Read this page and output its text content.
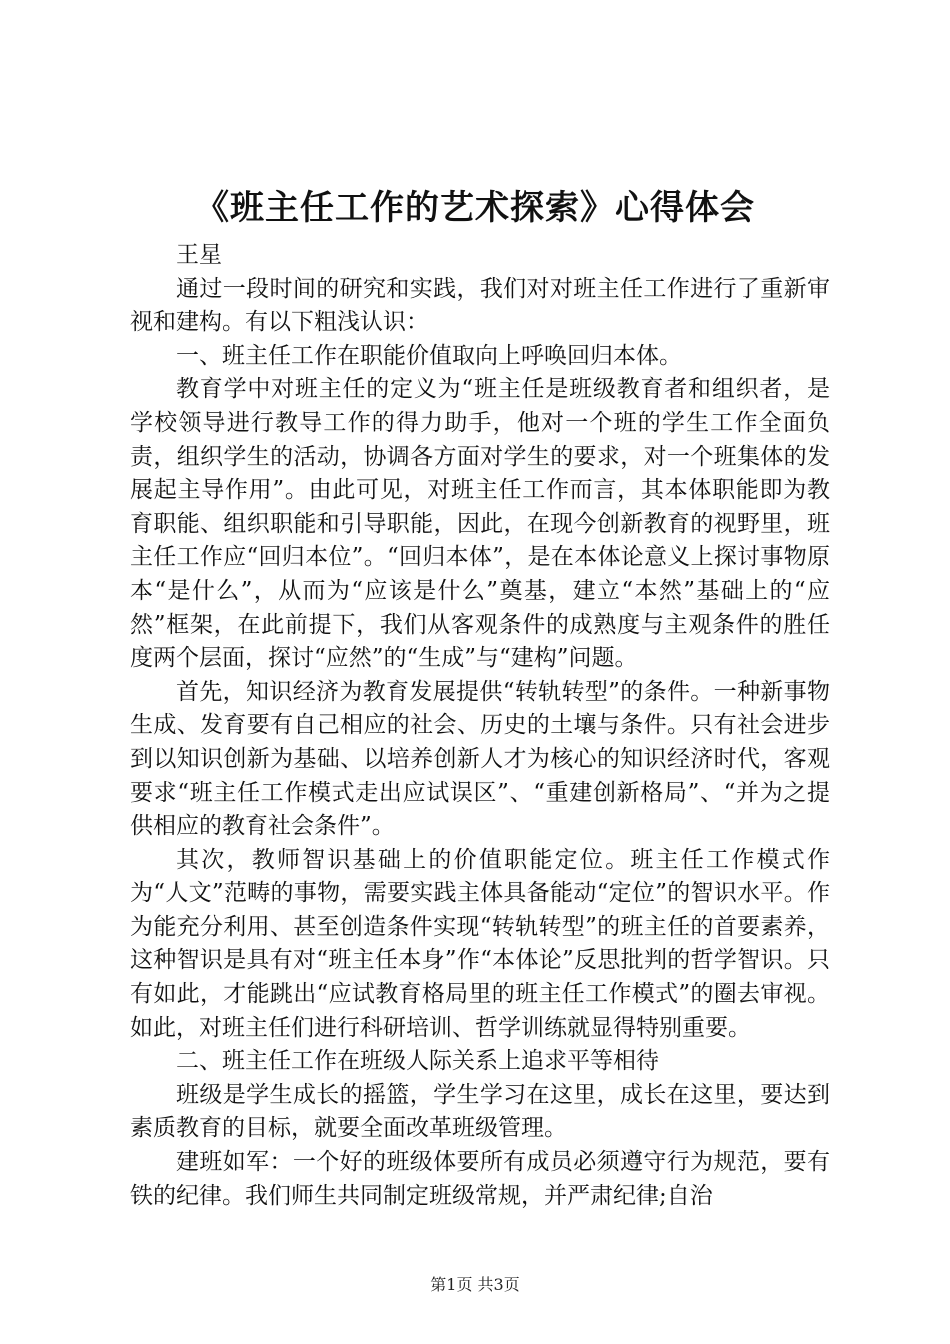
《班主任工作的艺术探索》心得体会

王星

通过一段时间的研究和实践，我们对对班主任工作进行了重新审视和建构。有以下粗浅认识：

一、班主任工作在职能价值取向上呼唤回归本体。

教育学中对班主任的定义为“班主任是班级教育者和组织者，是学校领导进行教导工作的得力助手，他对一个班的学生工作全面负责，组织学生的活动，协调各方面对学生的要求，对一个班集体的发展起主导作用”。由此可见，对班主任工作而言，其本体职能即为教育职能、组织职能和引导职能，因此，在现今创新教育的视野里，班主任工作应“回归本位”。“回归本体”，是在本体论意义上探讨事物原本“是什么”，从而为“应该是什么”奠基，建立“本然”基础上的“应然”框架，在此前提下，我们从客观条件的成熟度与主观条件的胜任度两个层面，探讨“应然”的“生成”与“建构”问题。

首先，知识经济为教育发展提供“转轨转型”的条件。一种新事物生成、发育要有自己相应的社会、历史的土壤与条件。只有社会进步到以知识创新为基础、以培养创新人才为核心的知识经济时代，客观要求“班主任工作模式走出应试误区”、“重建创新格局”、“并为之提供相应的教育社会条件”。

其次，教师智识基础上的价值职能定位。班主任工作模式作为“人文”范畴的事物，需要实践主体具备能动“定位”的智识水平。作为能充分利用、甚至创造条件实现“转轨转型”的班主任的首要素养，这种智识是具有对“班主任本身”作“本体论”反思批判的哲学智识。只有如此，才能跳出“应试教育格局里的班主任工作模式”的圈去审视。如此，对班主任们进行科研培训、哲学训练就显得特别重要。

二、班主任工作在班级人际关系上追求平等相待

班级是学生成长的摇篮，学生学习在这里，成长在这里，要达到素质教育的目标，就要全面改革班级管理。

建班如军：一个好的班级体要所有成员必须遵守行为规范，要有铁的纪律。我们师生共同制定班级常规，并严肃纪律;自治

第1页 共3页
